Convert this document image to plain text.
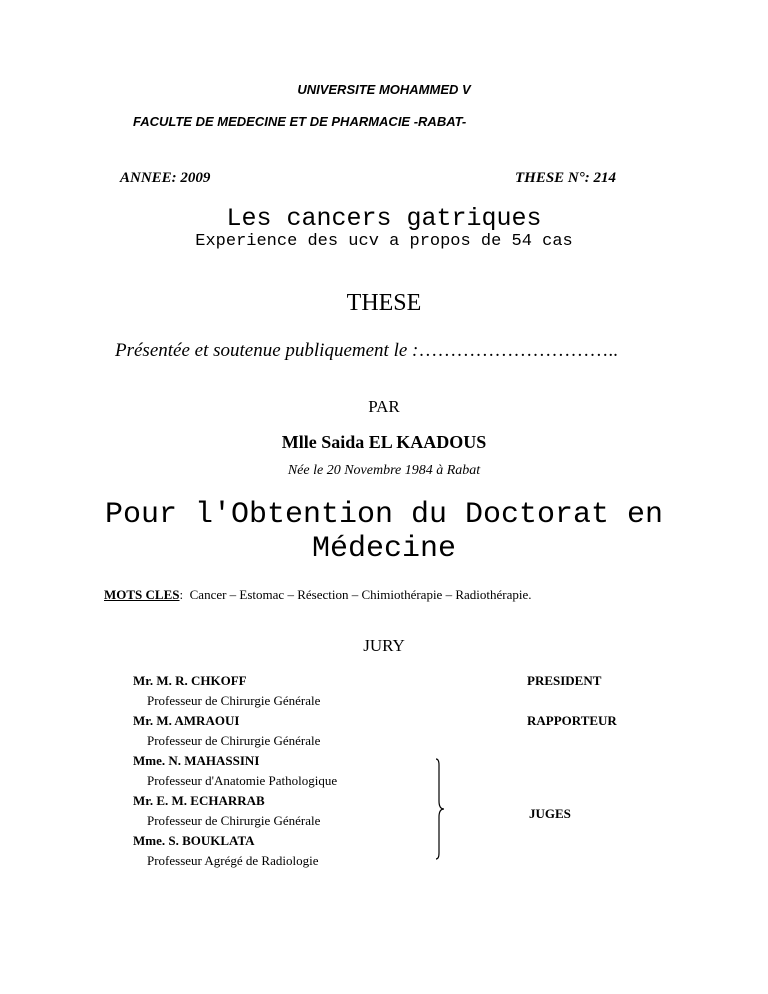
UNIVERSITE MOHAMMED V
FACULTE DE MEDECINE ET DE PHARMACIE -RABAT-
ANNEE: 2009	THESE N°: 214
Les cancers gatriques
Experience des ucv a propos de 54 cas
THESE
Présentée et soutenue publiquement le :…………………………..
PAR
Mlle Saida EL KAADOUS
Née le 20 Novembre 1984 à Rabat
Pour l'Obtention du Doctorat en
Médecine
MOTS CLES: Cancer – Estomac – Résection – Chimiothérapie – Radiothérapie.
JURY
Mr. M. R. CHKOFF
Professeur de Chirurgie Générale
Mr. M. AMRAOUI
Professeur de Chirurgie Générale
Mme. N. MAHASSINI
Professeur d'Anatomie Pathologique
Mr. E. M. ECHARRAB
Professeur de Chirurgie Générale
Mme. S. BOUKLATA
Professeur Agrégé de Radiologie
PRESIDENT
RAPPORTEUR
JUGES
